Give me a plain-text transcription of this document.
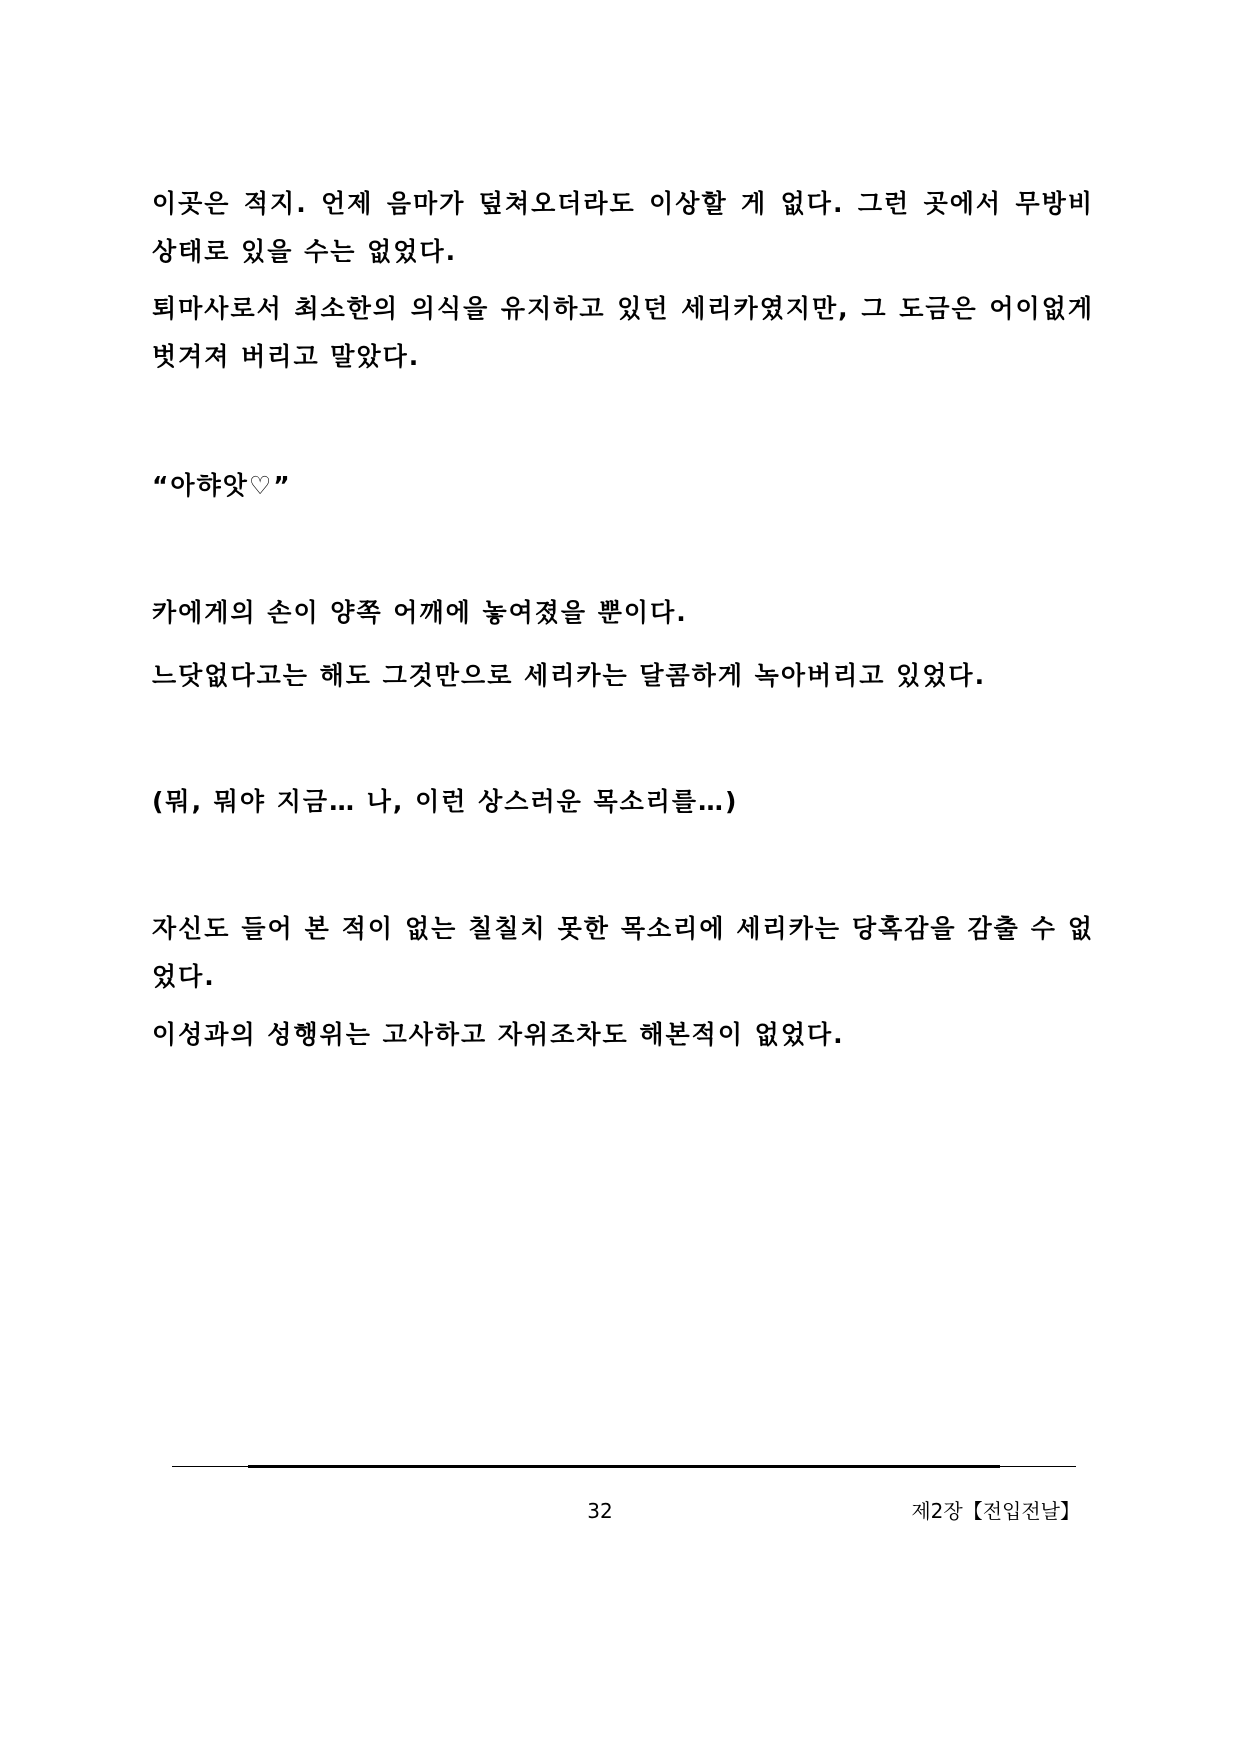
이곳은 적지. 언제 음마가 덮쳐오더라도 이상할 게 없다. 그런 곳에서 무방비 상태로 있을 수는 없었다.

퇴마사로서 최소한의 의식을 유지하고 있던 세리카였지만, 그 도금은 어이없게 벗겨져 버리고 말았다.

“아햐앗♡”

카에게의 손이 양쪽 어깨에 놓여졌을 뿐이다.

느닷없다고는 해도 그것만으로 세리카는 달콤하게 녹아버리고 있었다.

(뭐, 뭐야 지금… 나, 이런 상스러운 목소리를…)

자신도 들어 본 적이 없는 칠칠치 못한 목소리에 세리카는 당혹감을 감출 수 없었다.

이성과의 성행위는 고사하고 자위조차도 해본적이 없었다.

32	제2장【전입전날】
